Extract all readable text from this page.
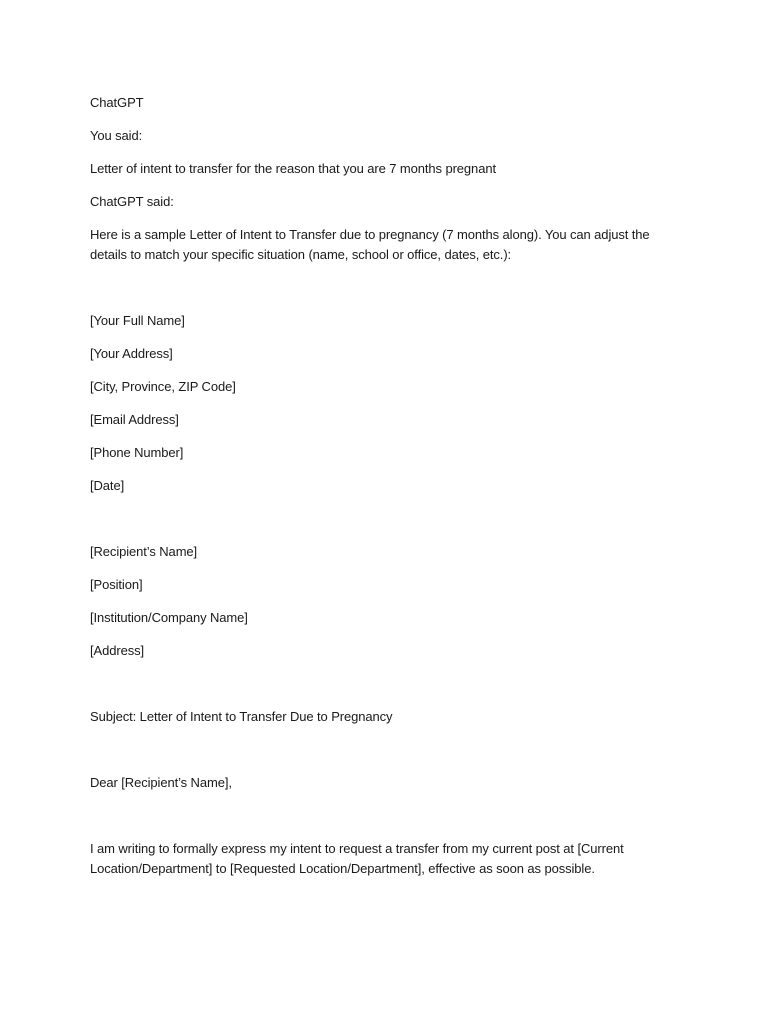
ChatGPT

You said:

Letter of intent to transfer for the reason that you are 7 months pregnant

ChatGPT said:

Here is a sample Letter of Intent to Transfer due to pregnancy (7 months along). You can adjust the details to match your specific situation (name, school or office, dates, etc.):

[Your Full Name]

[Your Address]

[City, Province, ZIP Code]

[Email Address]

[Phone Number]

[Date]

[Recipient’s Name]

[Position]

[Institution/Company Name]

[Address]

Subject: Letter of Intent to Transfer Due to Pregnancy

Dear [Recipient’s Name],

I am writing to formally express my intent to request a transfer from my current post at [Current Location/Department] to [Requested Location/Department], effective as soon as possible.
